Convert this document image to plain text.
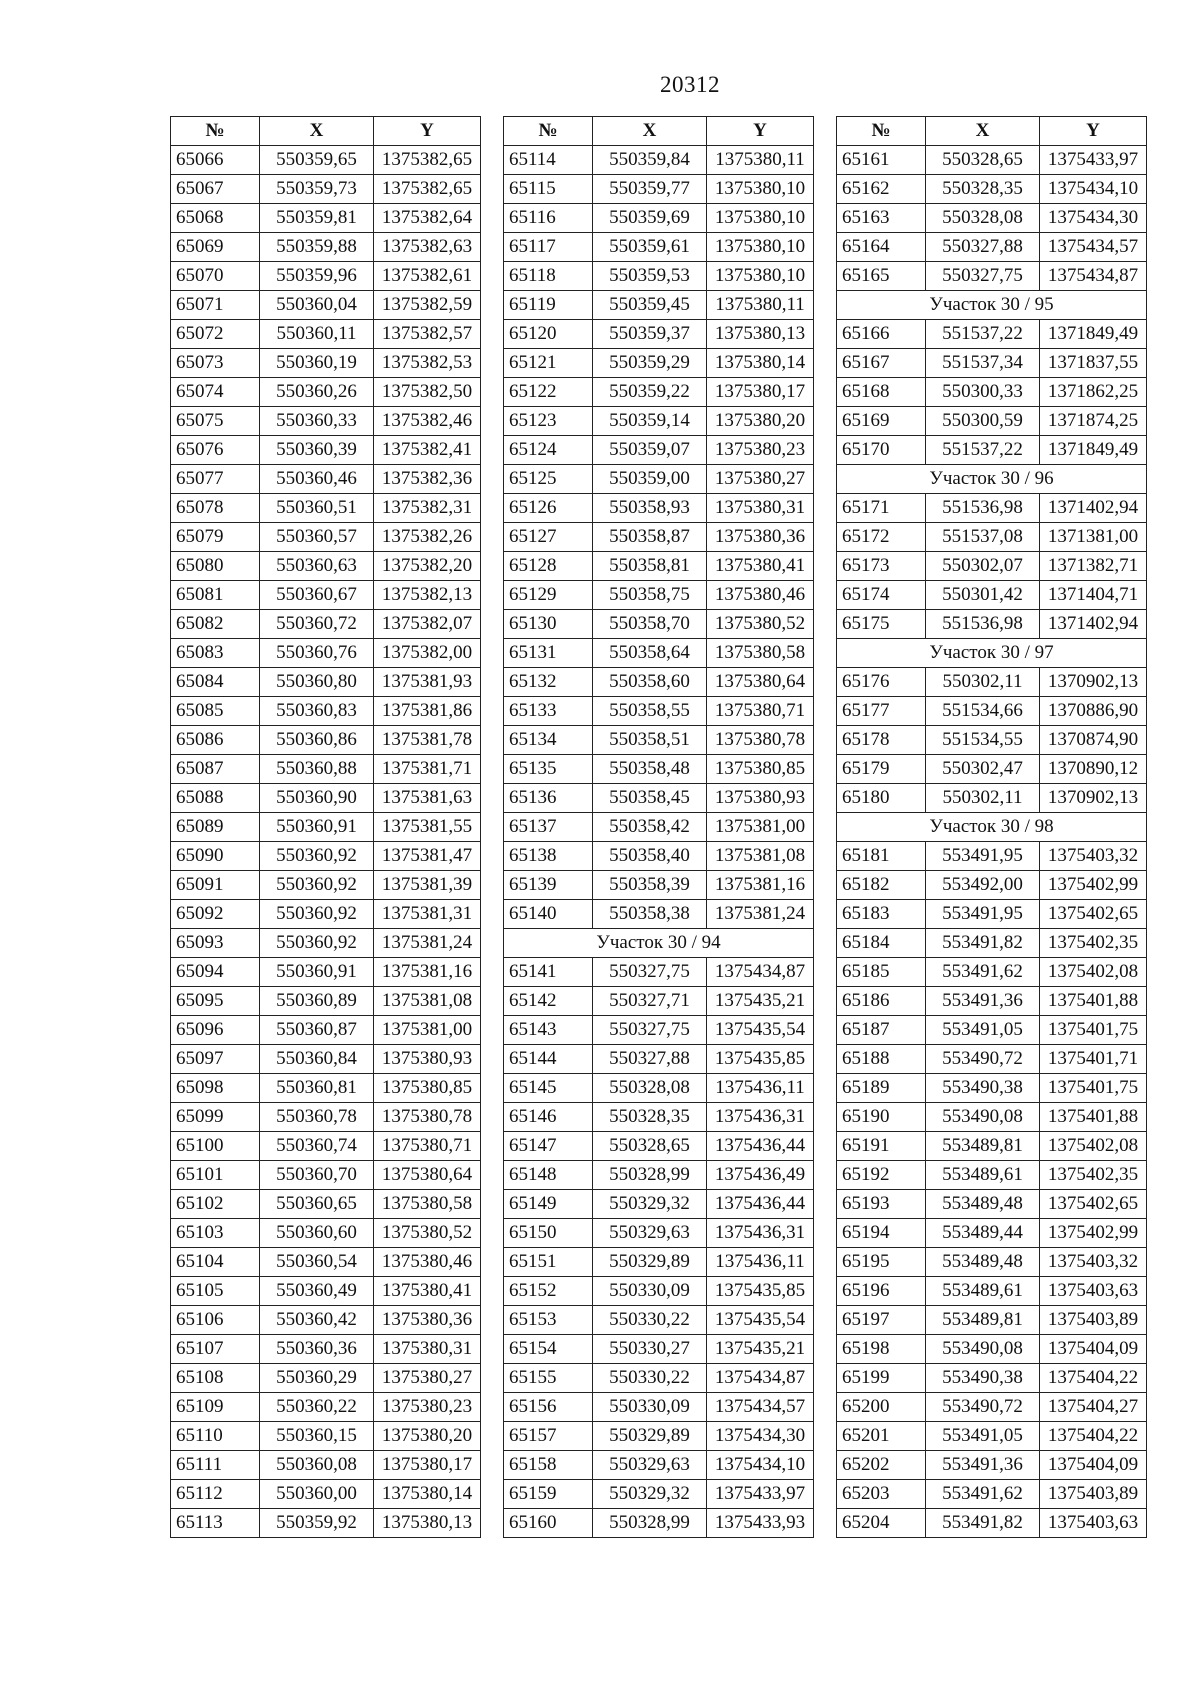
20312
№	X	Y
65066	550359,65	1375382,65
65067	550359,73	1375382,65
65068	550359,81	1375382,64
65069	550359,88	1375382,63
65070	550359,96	1375382,61
65071	550360,04	1375382,59
65072	550360,11	1375382,57
65073	550360,19	1375382,53
65074	550360,26	1375382,50
65075	550360,33	1375382,46
65076	550360,39	1375382,41
65077	550360,46	1375382,36
65078	550360,51	1375382,31
65079	550360,57	1375382,26
65080	550360,63	1375382,20
65081	550360,67	1375382,13
65082	550360,72	1375382,07
65083	550360,76	1375382,00
65084	550360,80	1375381,93
65085	550360,83	1375381,86
65086	550360,86	1375381,78
65087	550360,88	1375381,71
65088	550360,90	1375381,63
65089	550360,91	1375381,55
65090	550360,92	1375381,47
65091	550360,92	1375381,39
65092	550360,92	1375381,31
65093	550360,92	1375381,24
65094	550360,91	1375381,16
65095	550360,89	1375381,08
65096	550360,87	1375381,00
65097	550360,84	1375380,93
65098	550360,81	1375380,85
65099	550360,78	1375380,78
65100	550360,74	1375380,71
65101	550360,70	1375380,64
65102	550360,65	1375380,58
65103	550360,60	1375380,52
65104	550360,54	1375380,46
65105	550360,49	1375380,41
65106	550360,42	1375380,36
65107	550360,36	1375380,31
65108	550360,29	1375380,27
65109	550360,22	1375380,23
65110	550360,15	1375380,20
65111	550360,08	1375380,17
65112	550360,00	1375380,14
65113	550359,92	1375380,13
№	X	Y
65114	550359,84	1375380,11
65115	550359,77	1375380,10
65116	550359,69	1375380,10
65117	550359,61	1375380,10
65118	550359,53	1375380,10
65119	550359,45	1375380,11
65120	550359,37	1375380,13
65121	550359,29	1375380,14
65122	550359,22	1375380,17
65123	550359,14	1375380,20
65124	550359,07	1375380,23
65125	550359,00	1375380,27
65126	550358,93	1375380,31
65127	550358,87	1375380,36
65128	550358,81	1375380,41
65129	550358,75	1375380,46
65130	550358,70	1375380,52
65131	550358,64	1375380,58
65132	550358,60	1375380,64
65133	550358,55	1375380,71
65134	550358,51	1375380,78
65135	550358,48	1375380,85
65136	550358,45	1375380,93
65137	550358,42	1375381,00
65138	550358,40	1375381,08
65139	550358,39	1375381,16
65140	550358,38	1375381,24
Участок 30 / 94		
65141	550327,75	1375434,87
65142	550327,71	1375435,21
65143	550327,75	1375435,54
65144	550327,88	1375435,85
65145	550328,08	1375436,11
65146	550328,35	1375436,31
65147	550328,65	1375436,44
65148	550328,99	1375436,49
65149	550329,32	1375436,44
65150	550329,63	1375436,31
65151	550329,89	1375436,11
65152	550330,09	1375435,85
65153	550330,22	1375435,54
65154	550330,27	1375435,21
65155	550330,22	1375434,87
65156	550330,09	1375434,57
65157	550329,89	1375434,30
65158	550329,63	1375434,10
65159	550329,32	1375433,97
65160	550328,99	1375433,93
№	X	Y
65161	550328,65	1375433,97
65162	550328,35	1375434,10
65163	550328,08	1375434,30
65164	550327,88	1375434,57
65165	550327,75	1375434,87
Участок 30 / 95		
65166	551537,22	1371849,49
65167	551537,34	1371837,55
65168	550300,33	1371862,25
65169	550300,59	1371874,25
65170	551537,22	1371849,49
Участок 30 / 96		
65171	551536,98	1371402,94
65172	551537,08	1371381,00
65173	550302,07	1371382,71
65174	550301,42	1371404,71
65175	551536,98	1371402,94
Участок 30 / 97		
65176	550302,11	1370902,13
65177	551534,66	1370886,90
65178	551534,55	1370874,90
65179	550302,47	1370890,12
65180	550302,11	1370902,13
Участок 30 / 98		
65181	553491,95	1375403,32
65182	553492,00	1375402,99
65183	553491,95	1375402,65
65184	553491,82	1375402,35
65185	553491,62	1375402,08
65186	553491,36	1375401,88
65187	553491,05	1375401,75
65188	553490,72	1375401,71
65189	553490,38	1375401,75
65190	553490,08	1375401,88
65191	553489,81	1375402,08
65192	553489,61	1375402,35
65193	553489,48	1375402,65
65194	553489,44	1375402,99
65195	553489,48	1375403,32
65196	553489,61	1375403,63
65197	553489,81	1375403,89
65198	553490,08	1375404,09
65199	553490,38	1375404,22
65200	553490,72	1375404,27
65201	553491,05	1375404,22
65202	553491,36	1375404,09
65203	553491,62	1375403,89
65204	553491,82	1375403,63
